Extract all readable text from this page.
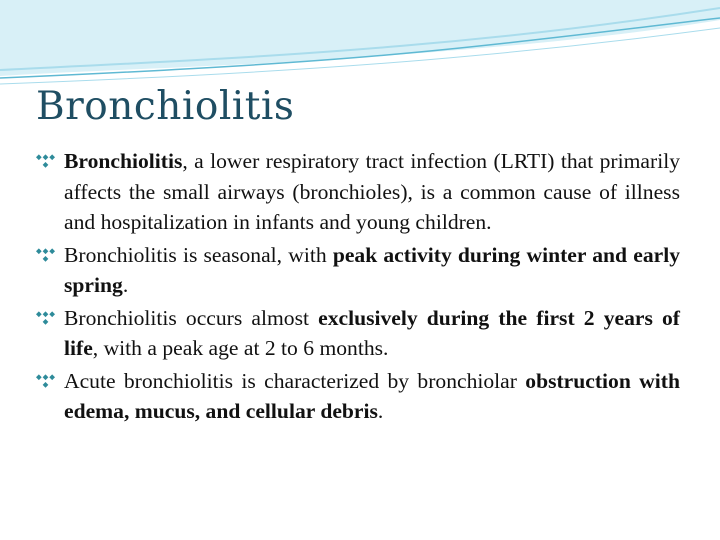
Bronchiolitis
Bronchiolitis, a lower respiratory tract infection (LRTI) that primarily affects the small airways (bronchioles), is a common cause of illness and hospitalization in infants and young children.
Bronchiolitis is seasonal, with peak activity during winter and early spring.
Bronchiolitis occurs almost exclusively during the first 2 years of life, with a peak age at 2 to 6 months.
Acute bronchiolitis is characterized by bronchiolar obstruction with edema, mucus, and cellular debris.
